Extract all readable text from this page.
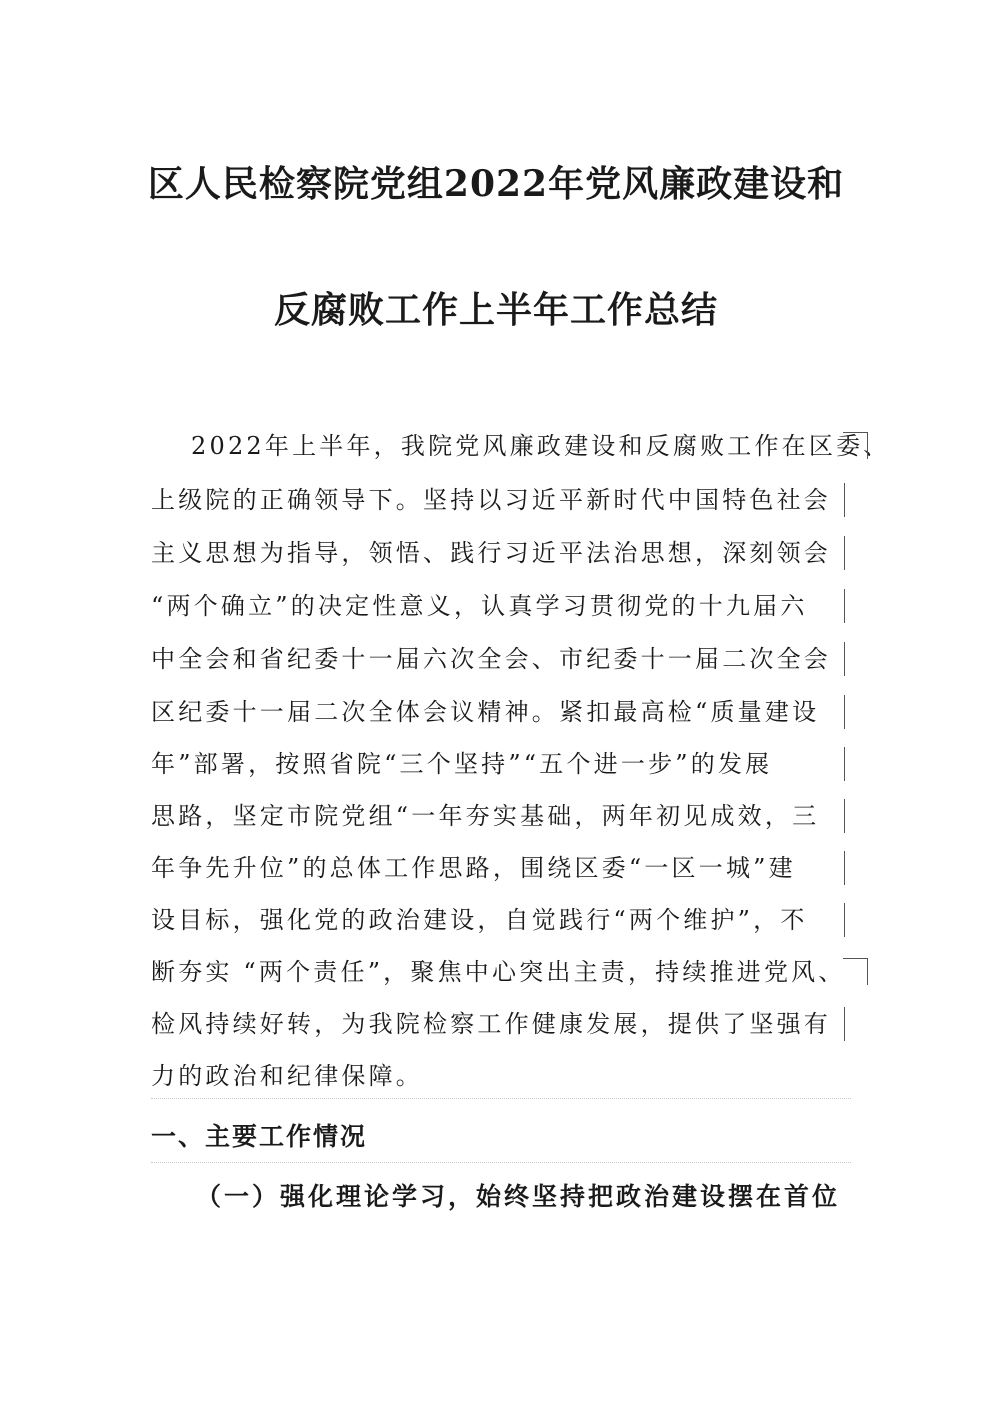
区人民检察院党组2022年党风廉政建设和
反腐败工作上半年工作总结
2022年上半年，我院党风廉政建设和反腐败工作在区委、
上级院的正确领导下。坚持以习近平新时代中国特色社会
主义思想为指导，领悟、践行习近平法治思想，深刻领会
“两个确立”的决定性意义，认真学习贯彻党的十九届六
中全会和省纪委十一届六次全会、市纪委十一届二次全会
区纪委十一届二次全体会议精神。紧扣最高检“质量建设
年”部署，按照省院“三个坚持”“五个进一步”的发展
思路，坚定市院党组“一年夯实基础，两年初见成效，三
年争先升位”的总体工作思路，围绕区委“一区一城”建
设目标，强化党的政治建设，自觉践行“两个维护”，不
断夯实 “两个责任”，聚焦中心突出主责，持续推进党风、
检风持续好转，为我院检察工作健康发展，提供了坚强有
力的政治和纪律保障。
一、主要工作情况
（一）强化理论学习，始终坚持把政治建设摆在首位
